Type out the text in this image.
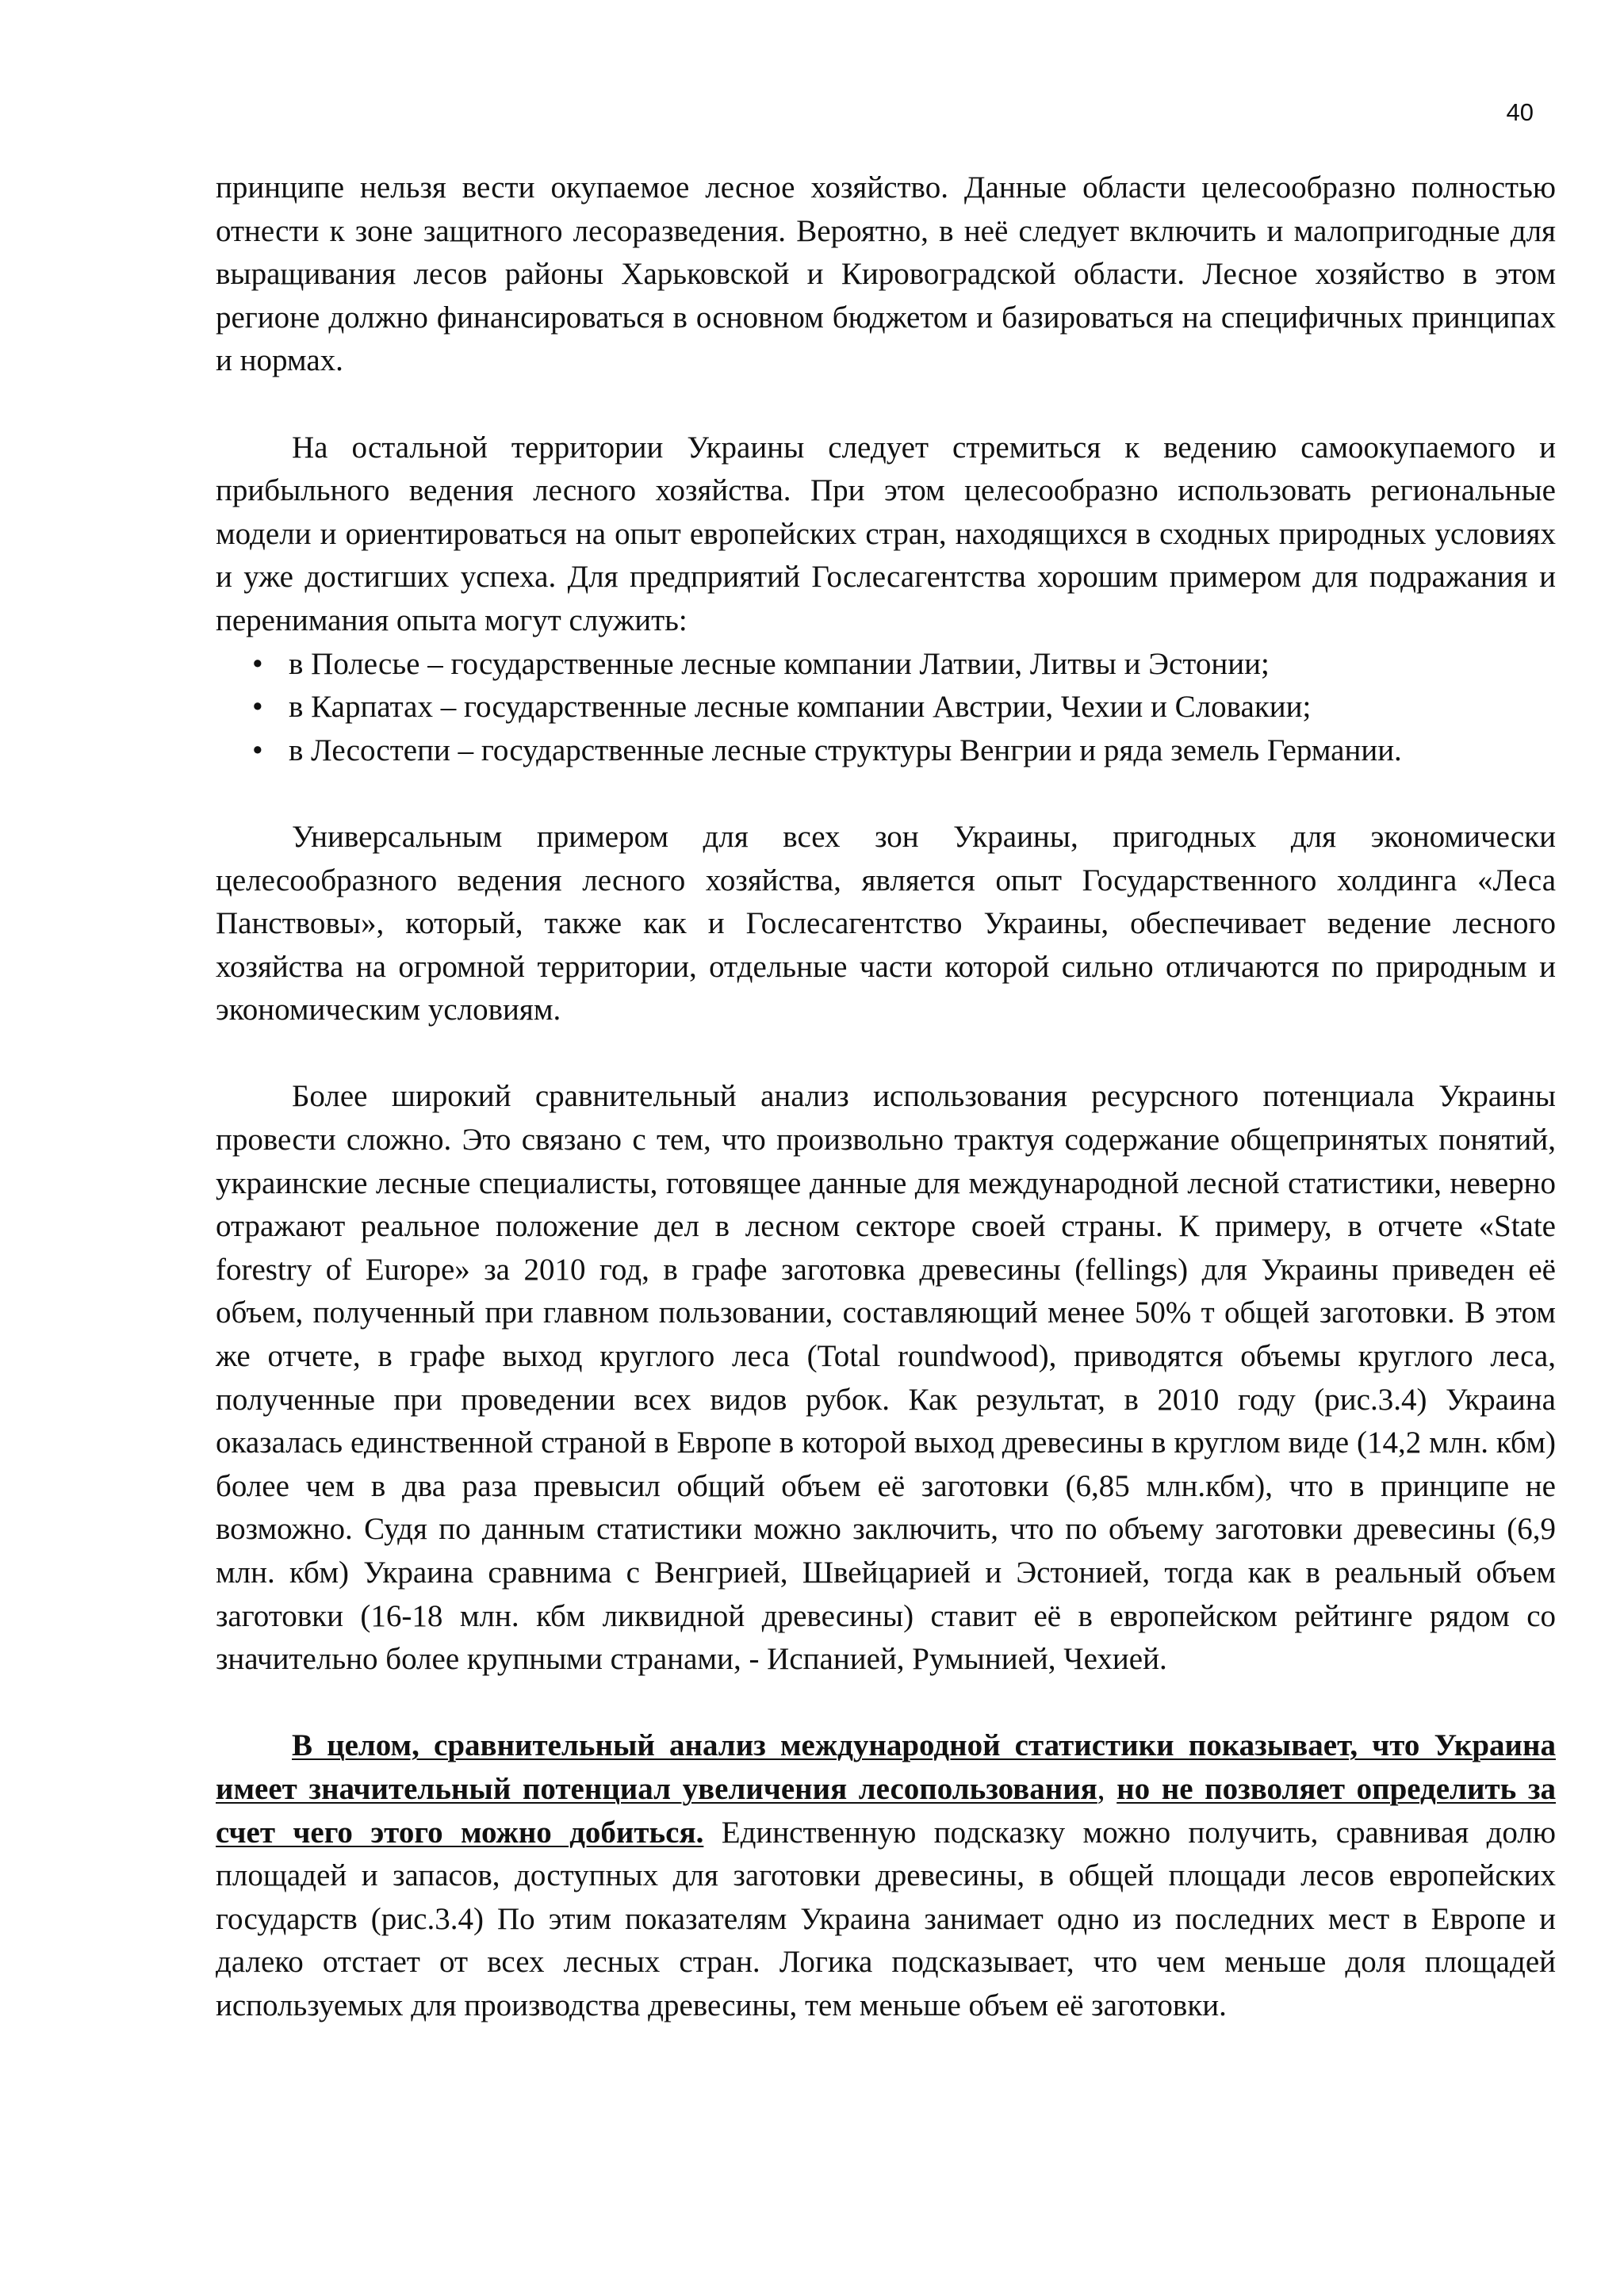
40

принципе нельзя вести окупаемое лесное хозяйство. Данные области целесообразно полностью отнести к зоне защитного лесоразведения. Вероятно, в неё следует включить и малопригодные для выращивания лесов районы Харьковской и Кировоградской области. Лесное хозяйство в этом регионе должно финансироваться в основном бюджетом и базироваться на специфичных принципах и нормах.

На остальной территории Украины следует стремиться к ведению самоокупаемого и прибыльного ведения лесного хозяйства. При этом целесообразно использовать региональные модели и ориентироваться на опыт европейских стран, находящихся в сходных природных условиях и уже достигших успеха. Для предприятий Гослесагентства хорошим примером для подражания и перенимания опыта могут служить:

• в Полесье – государственные лесные компании Латвии, Литвы и Эстонии;
• в Карпатах – государственные лесные компании Австрии, Чехии и Словакии;
• в Лесостепи – государственные лесные структуры Венгрии и ряда земель Германии.

Универсальным примером для всех зон Украины, пригодных для экономически целесообразного ведения лесного хозяйства, является опыт Государственного холдинга «Леса Панствовы», который, также как и Гослесагентство Украины, обеспечивает ведение лесного хозяйства на огромной территории, отдельные части которой сильно отличаются по природным и экономическим условиям.

Более широкий сравнительный анализ использования ресурсного потенциала Украины провести сложно. Это связано с тем, что произвольно трактуя содержание общепринятых понятий, украинские лесные специалисты, готовящее данные для международной лесной статистики, неверно отражают реальное положение дел в лесном секторе своей страны. К примеру, в отчете «State forestry of Europe» за 2010 год, в графе заготовка древесины (fellings) для Украины приведен её объем, полученный при главном пользовании, составляющий менее 50% т общей заготовки. В этом же отчете, в графе выход круглого леса (Total roundwood), приводятся объемы круглого леса, полученные при проведении всех видов рубок. Как результат, в 2010 году (рис.3.4) Украина оказалась единственной страной в Европе в которой выход древесины в круглом виде (14,2 млн. кбм) более чем в два раза превысил общий объем её заготовки (6,85 млн.кбм), что в принципе не возможно. Судя по данным статистики можно заключить, что по объему заготовки древесины (6,9 млн. кбм) Украина сравнима с Венгрией, Швейцарией и Эстонией, тогда как в реальный объем заготовки (16-18 млн. кбм ликвидной древесины) ставит её в европейском рейтинге рядом со значительно более крупными странами, - Испанией, Румынией, Чехией.

В целом, сравнительный анализ международной статистики показывает, что Украина имеет значительный потенциал увеличения лесопользования, но не позволяет определить за счет чего этого можно добиться. Единственную подсказку можно получить, сравнивая долю площадей и запасов, доступных для заготовки древесины, в общей площади лесов европейских государств (рис.3.4) По этим показателям Украина занимает одно из последних мест в Европе и далеко отстает от всех лесных стран. Логика подсказывает, что чем меньше доля площадей используемых для производства древесины, тем меньше объем её заготовки.
